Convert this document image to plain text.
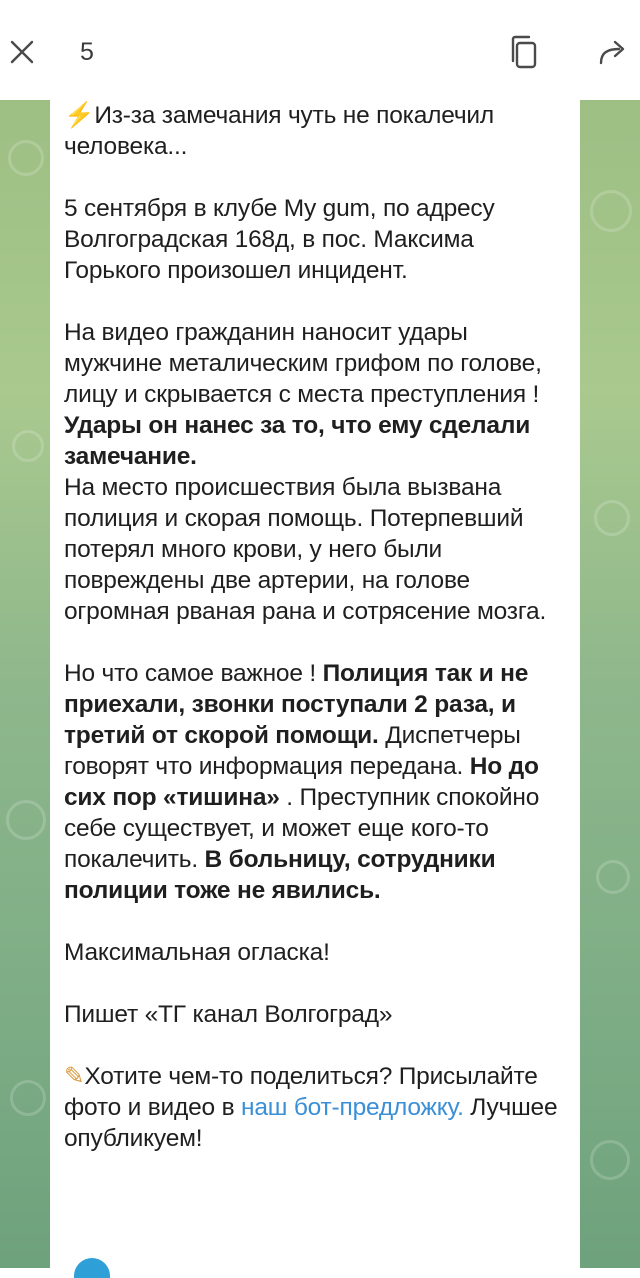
5

⚡Из-за замечания чуть не покалечил человека...

5 сентября в клубе My gum, по адресу Волгоградская 168д, в пос. Максима Горького произошел инцидент.

На видео гражданин наносит удары мужчине металическим грифом по голове, лицу и скрывается с места преступления ! Удары он нанес за то, что ему сделали замечание.
На место происшествия была вызвана полиция и скорая помощь. Потерпевший потерял много крови, у него были повреждены две артерии, на голове огромная рваная рана и сотрясение мозга.

Но что самое важное ! Полиция так и не приехали, звонки поступали 2 раза, и третий от скорой помощи. Диспетчеры говорят что информация передана. Но до сих пор «тишина» . Преступник спокойно себе существует, и может еще кого-то покалечить. В больницу, сотрудники полиции тоже не явились.

Максимальная огласка!

Пишет «ТГ канал Волгоград»

✎Хотите чем-то поделиться? Присылайте фото и видео в наш бот-предложку. Лучшее опубликуем!
